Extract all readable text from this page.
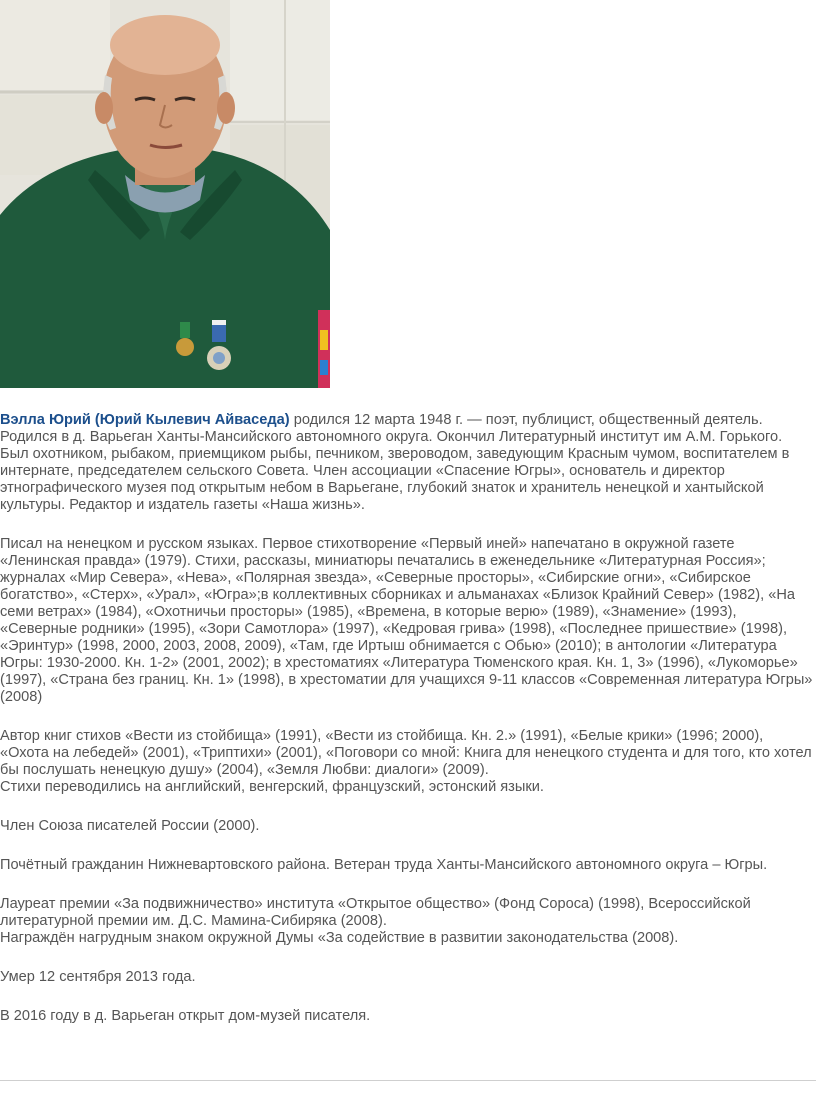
Вэлла Юрий (Юрий Кылевич Айваседа) родился 12 марта 1948 г. — поэт, публицист, общественный деятель. Родился в д. Варьеган Ханты-Мансийского автономного округа. Окончил Литературный институт им А.М. Горького. Был охотником, рыбаком, приемщиком рыбы, печником, звероводом, заведующим Красным чумом, воспитателем в интернате, председателем сельского Совета. Член ассоциации «Спасение Югры», основатель и директор этнографического музея под открытым небом в Варьегане, глубокий знаток и хранитель ненецкой и хантыйской культуры. Редактор и издатель газеты «Наша жизнь».

Писал на ненецком и русском языках. Первое стихотворение «Первый иней» напечатано в окружной газете «Ленинская правда» (1979). Стихи, рассказы, миниатюры печатались в еженедельнике «Литературная Россия»; журналах «Мир Севера», «Нева», «Полярная звезда», «Северные просторы», «Сибирские огни», «Сибирское богатство», «Стерх», «Урал», «Югра»;в коллективных сборниках и альманахах «Близок Крайний Север» (1982), «На семи ветрах» (1984), «Охотничьи просторы» (1985), «Времена, в которые верю» (1989), «Знамение» (1993), «Северные родники» (1995), «Зори Самотлора» (1997), «Кедровая грива» (1998), «Последнее пришествие» (1998), «Эринтур» (1998, 2000, 2003, 2008, 2009), «Там, где Иртыш обнимается с Обью» (2010); в антологии «Литература Югры: 1930-2000. Кн. 1-2» (2001, 2002); в хрестоматиях «Литература Тюменского края. Кн. 1, 3» (1996), «Лукоморье» (1997), «Страна без границ. Кн. 1» (1998), в хрестоматии для учащихся 9-11 классов «Современная литература Югры» (2008)

Автор книг стихов «Вести из стойбища» (1991), «Вести из стойбища. Кн. 2.» (1991), «Белые крики» (1996; 2000), «Охота на лебедей» (2001), «Триптихи» (2001), «Поговори со мной: Книга для ненецкого студента и для того, кто хотел бы послушать ненецкую душу» (2004), «Земля Любви: диалоги» (2009).

Стихи переводились на английский, венгерский, французский, эстонский языки.

Член Союза писателей России (2000).

Почётный гражданин Нижневартовского района. Ветеран труда Ханты-Мансийского автономного округа – Югры.

Лауреат премии «За подвижничество» института «Открытое общество» (Фонд Сороса) (1998), Всероссийской литературной премии им. Д.С. Мамина-Сибиряка (2008).

Награждён нагрудным знаком окружной Думы «За содействие в развитии законодательства (2008).

Умер 12 сентября 2013 года.

В 2016 году в д. Варьеган открыт дом-музей писателя.
